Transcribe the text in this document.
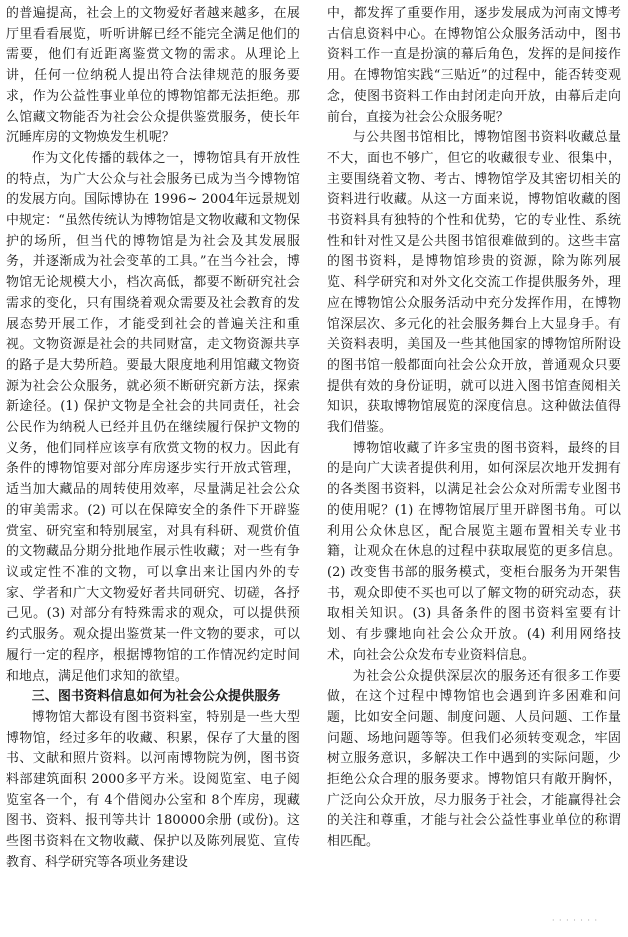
的普遍提高，社会上的文物爱好者越来越多，在展厅里看看展览，听听讲解已经不能完全满足他们的需要，他们有近距离鉴赏文物的需求。从理论上讲，任何一位纳税人提出符合法律规范的服务要求，作为公益性事业单位的博物馆都无法拒绝。那么馆藏文物能否为社会公众提供鉴赏服务，使长年沉睡库房的文物焕发生机呢？

作为文化传播的载体之一，博物馆具有开放性的特点，为广大公众与社会服务已成为当今博物馆的发展方向。国际博协在 1996~ 2004年远景规划中规定：“虽然传统认为博物馆是文物收藏和文物保护的场所，但当代的博物馆是为社会及其发展服务，并逐渐成为社会变革的工具。”在当今社会，博物馆无论规模大小，档次高低，都要不断研究社会需求的变化，只有围绕着观众需要及社会教育的发展态势开展工作，才能受到社会的普遍关注和重视。文物资源是社会的共同财富，走文物资源共享的路子是大势所趋。要最大限度地利用馆藏文物资源为社会公众服务，就必须不断研究新方法，探索新途径。(1) 保护文物是全社会的共同责任，社会公民作为纳税人已经并且仍在继续履行保护文物的义务，他们同样应该享有欣赏文物的权力。因此有条件的博物馆要对部分库房逐步实行开放式管理，适当加大藏品的周转使用效率，尽量满足社会公众的审美需求。(2) 可以在保障安全的条件下开辟鉴赏室、研究室和特别展室，对具有科研、观赏价值的文物藏品分期分批地作展示性收藏；对一些有争议或定性不准的文物，可以拿出来让国内外的专家、学者和广大文物爱好者共同研究、切磋，各抒己见。(3) 对部分有特殊需求的观众，可以提供预约式服务。观众提出鉴赏某一件文物的要求，可以履行一定的程序，根据博物馆的工作情况约定时间和地点，满足他们求知的欲望。

三、图书资料信息如何为社会公众提供服务

博物馆大都设有图书资料室，特别是一些大型博物馆，经过多年的收藏、积累，保存了大量的图书、文献和照片资料。以河南博物院为例，图书资料部建筑面积 2000多平方米。设阅览室、电子阅览室各一个，有 4个借阅办公室和 8个库房，现藏图书、资料、报刊等共计 180000余册 (或份)。这些图书资料在文物收藏、保护以及陈列展览、宣传教育、科学研究等各项业务建设

中，都发挥了重要作用，逐步发展成为河南文博考古信息资料中心。在博物馆公众服务活动中，图书资料工作一直是扮演的幕后角色，发挥的是间接作用。在博物馆实践“三贴近”的过程中，能否转变观念，使图书资料工作由封闭走向开放，由幕后走向前台，直接为社会公众服务呢？

与公共图书馆相比，博物馆图书资料收藏总量不大，面也不够广，但它的收藏很专业、很集中，主要围绕着文物、考古、博物馆学及其密切相关的资料进行收藏。从这一方面来说，博物馆收藏的图书资料具有独特的个性和优势，它的专业性、系统性和针对性又是公共图书馆很难做到的。这些丰富的图书资料，是博物馆珍贵的资源，除为陈列展览、科学研究和对外文化交流工作提供服务外，理应在博物馆公众服务活动中充分发挥作用，在博物馆深层次、多元化的社会服务舞台上大显身手。有关资料表明，美国及一些其他国家的博物馆所附设的图书馆一般都面向社会公众开放，普通观众只要提供有效的身份证明，就可以进入图书馆查阅相关知识，获取博物馆展览的深度信息。这种做法值得我们借鉴。

博物馆收藏了许多宝贵的图书资料，最终的目的是向广大读者提供利用，如何深层次地开发拥有的各类图书资料，以满足社会公众对所需专业图书的使用呢？(1) 在博物馆展厅里开辟图书角。可以利用公众休息区，配合展览主题布置相关专业书籍，让观众在休息的过程中获取展览的更多信息。(2) 改变售书部的服务模式，变柜台服务为开架售书，观众即使不买也可以了解文物的研究动态，获取相关知识。(3) 具备条件的图书资料室要有计划、有步骤地向社会公众开放。(4) 利用网络技术，向社会公众发布专业资料信息。

为社会公众提供深层次的服务还有很多工作要做，在这个过程中博物馆也会遇到许多困难和问题，比如安全问题、制度问题、人员问题、工作量问题、场地问题等等。但我们必须转变观念，牢固树立服务意识，多解决工作中遇到的实际问题，少拒绝公众合理的服务要求。博物馆只有敞开胸怀，广泛向公众开放，尽力服务于社会，才能赢得社会的关注和尊重，才能与社会公益性事业单位的称谓相匹配。

· · · · · · ·
